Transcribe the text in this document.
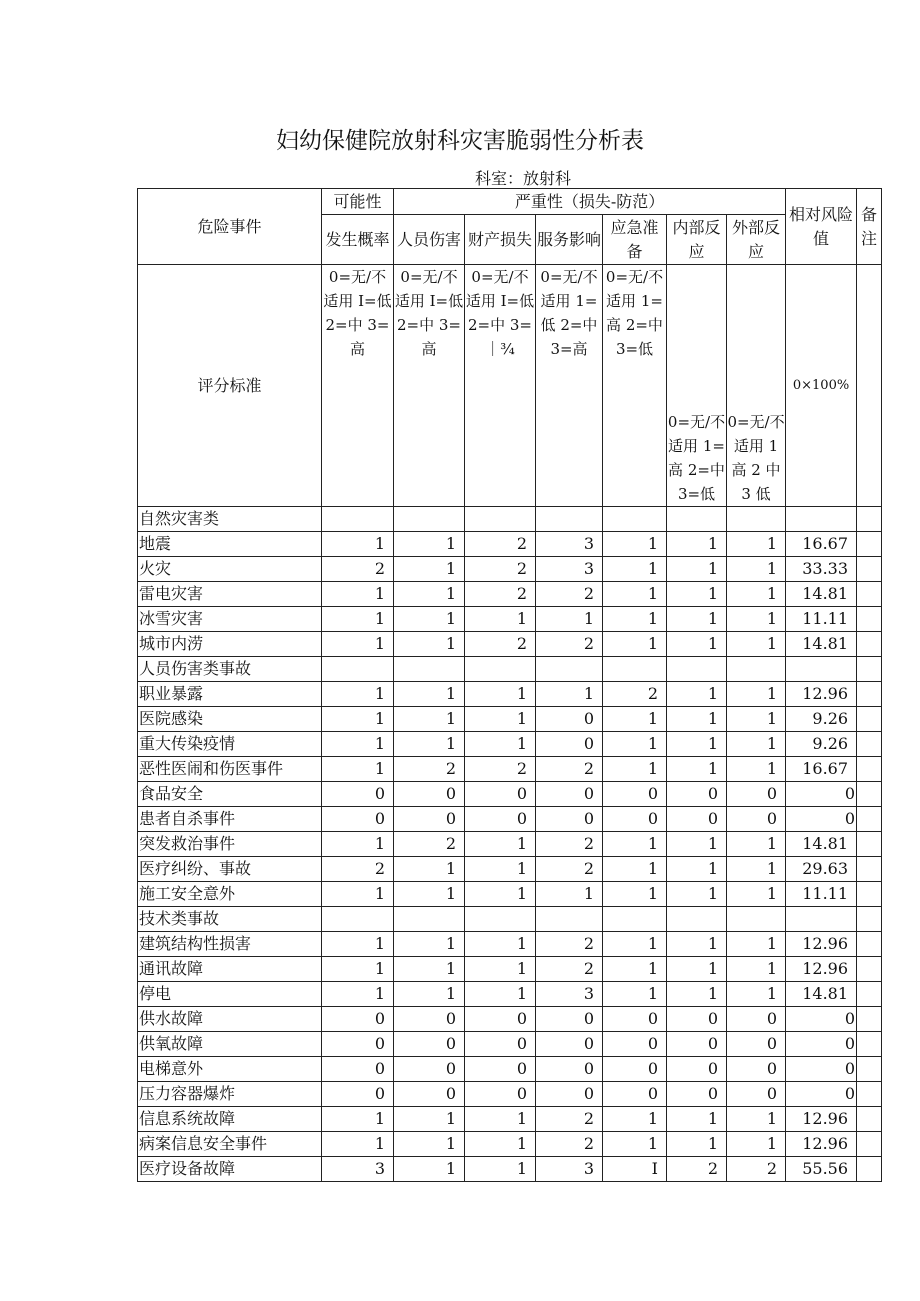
妇幼保健院放射科灾害脆弱性分析表
科室：放射科
危险事件	可能性	严重性（损失-防范）						相对风险值	备注
	发生概率	人员伤害	财产损失	服务影响	应急准备	内部反应	外部反应		
评分标准	0=无/不适用 I=低 2=中 3=高	0=无/不适用 I=低 2=中 3=高	0=无/不适用 I=低 2=中 3=｜¾	0=无/不适用 1=低 2=中 3=高	0=无/不适用 1=高 2=中 3=低	0=无/不适用 1=高 2=中 3=低	0=无/不适用 1 高 2 中 3 低	0×100%	
自然灾害类									
地震	1	1	2	3	1	1	1	16.67	
火灾	2	1	2	3	1	1	1	33.33	
雷电灾害	1	1	2	2	1	1	1	14.81	
冰雪灾害	1	1	1	1	1	1	1	11.11	
城市内涝	1	1	2	2	1	1	1	14.81	
人员伤害类事故									
职业暴露	1	1	1	1	2	1	1	12.96	
医院感染	1	1	1	0	1	1	1	9.26	
重大传染疫情	1	1	1	0	1	1	1	9.26	
恶性医闹和伤医事件	1	2	2	2	1	1	1	16.67	
食品安全	0	0	0	0	0	0	0	0	
患者自杀事件	0	0	0	0	0	0	0	0	
突发救治事件	1	2	1	2	1	1	1	14.81	
医疗纠纷、事故	2	1	1	2	1	1	1	29.63	
施工安全意外	1	1	1	1	1	1	1	11.11	
技术类事故									
建筑结构性损害	1	1	1	2	1	1	1	12.96	
通讯故障	1	1	1	2	1	1	1	12.96	
停电	1	1	1	3	1	1	1	14.81	
供水故障	0	0	0	0	0	0	0	0	
供氧故障	0	0	0	0	0	0	0	0	
电梯意外	0	0	0	0	0	0	0	0	
压力容器爆炸	0	0	0	0	0	0	0	0	
信息系统故障	1	1	1	2	1	1	1	12.96	
病案信息安全事件	1	1	1	2	1	1	1	12.96	
医疗设备故障	3	1	1	3	I	2	2	55.56	
